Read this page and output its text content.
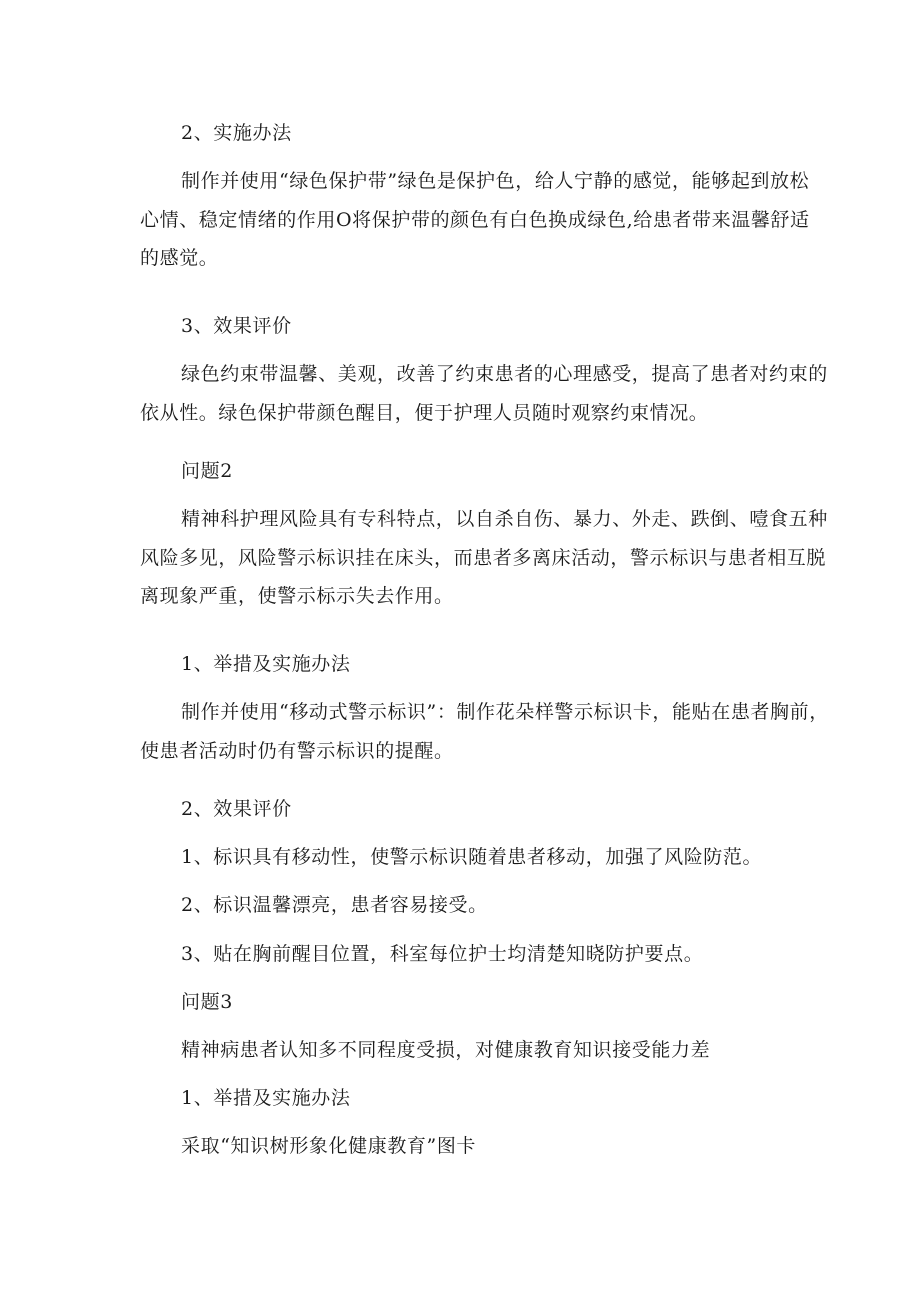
2、实施办法

制作并使用“绿色保护带”绿色是保护色，给人宁静的感觉，能够起到放松
心情、稳定情绪的作用O将保护带的颜色有白色换成绿色,给患者带来温馨舒适
的感觉。

3、效果评价

绿色约束带温馨、美观，改善了约束患者的心理感受，提高了患者对约束的
依从性。绿色保护带颜色醒目，便于护理人员随时观察约束情况。

问题2

精神科护理风险具有专科特点，以自杀自伤、暴力、外走、跌倒、噎食五种
风险多见，风险警示标识挂在床头，而患者多离床活动，警示标识与患者相互脱
离现象严重，使警示标示失去作用。

1、举措及实施办法

制作并使用“移动式警示标识”：制作花朵样警示标识卡，能贴在患者胸前，
使患者活动时仍有警示标识的提醒。

2、效果评价

1、标识具有移动性，使警示标识随着患者移动，加强了风险防范。

2、标识温馨漂亮，患者容易接受。

3、贴在胸前醒目位置，科室每位护士均清楚知晓防护要点。

问题3

精神病患者认知多不同程度受损，对健康教育知识接受能力差

1、举措及实施办法

采取“知识树形象化健康教育”图卡
